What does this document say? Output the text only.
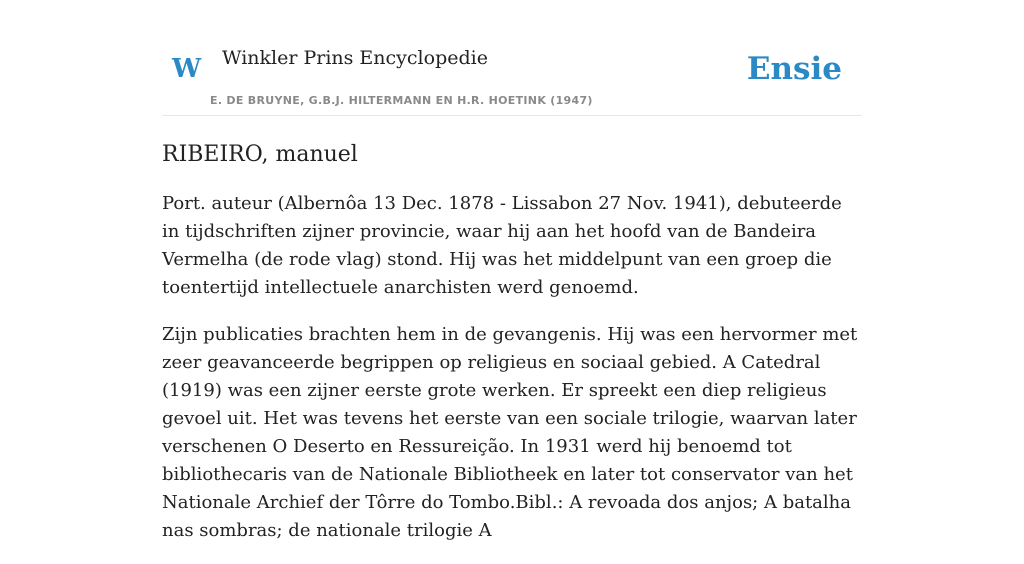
W Winkler Prins Encyclopedie
E. DE BRUYNE, G.B.J. HILTERMANN EN H.R. HOETINK (1947)
Ensie
RIBEIRO, manuel

Port. auteur (Albernôa 13 Dec. 1878 - Lissabon 27 Nov. 1941), debuteerde in tijdschriften zijner provincie, waar hij aan het hoofd van de Bandeira Vermelha (de rode vlag) stond. Hij was het middelpunt van een groep die toentertijd intellectuele anarchisten werd genoemd.

Zijn publicaties brachten hem in de gevangenis. Hij was een hervormer met zeer geavanceerde begrippen op religieus en sociaal gebied. A Catedral (1919) was een zijner eerste grote werken. Er spreekt een diep religieus gevoel uit. Het was tevens het eerste van een sociale trilogie, waarvan later verschenen O Deserto en Ressureição. In 1931 werd hij benoemd tot bibliothecaris van de Nationale Bibliotheek en later tot conservator van het Nationale Archief der Tôrre do Tombo.Bibl.: A revoada dos anjos; A batalha nas sombras; de nationale trilogie A
